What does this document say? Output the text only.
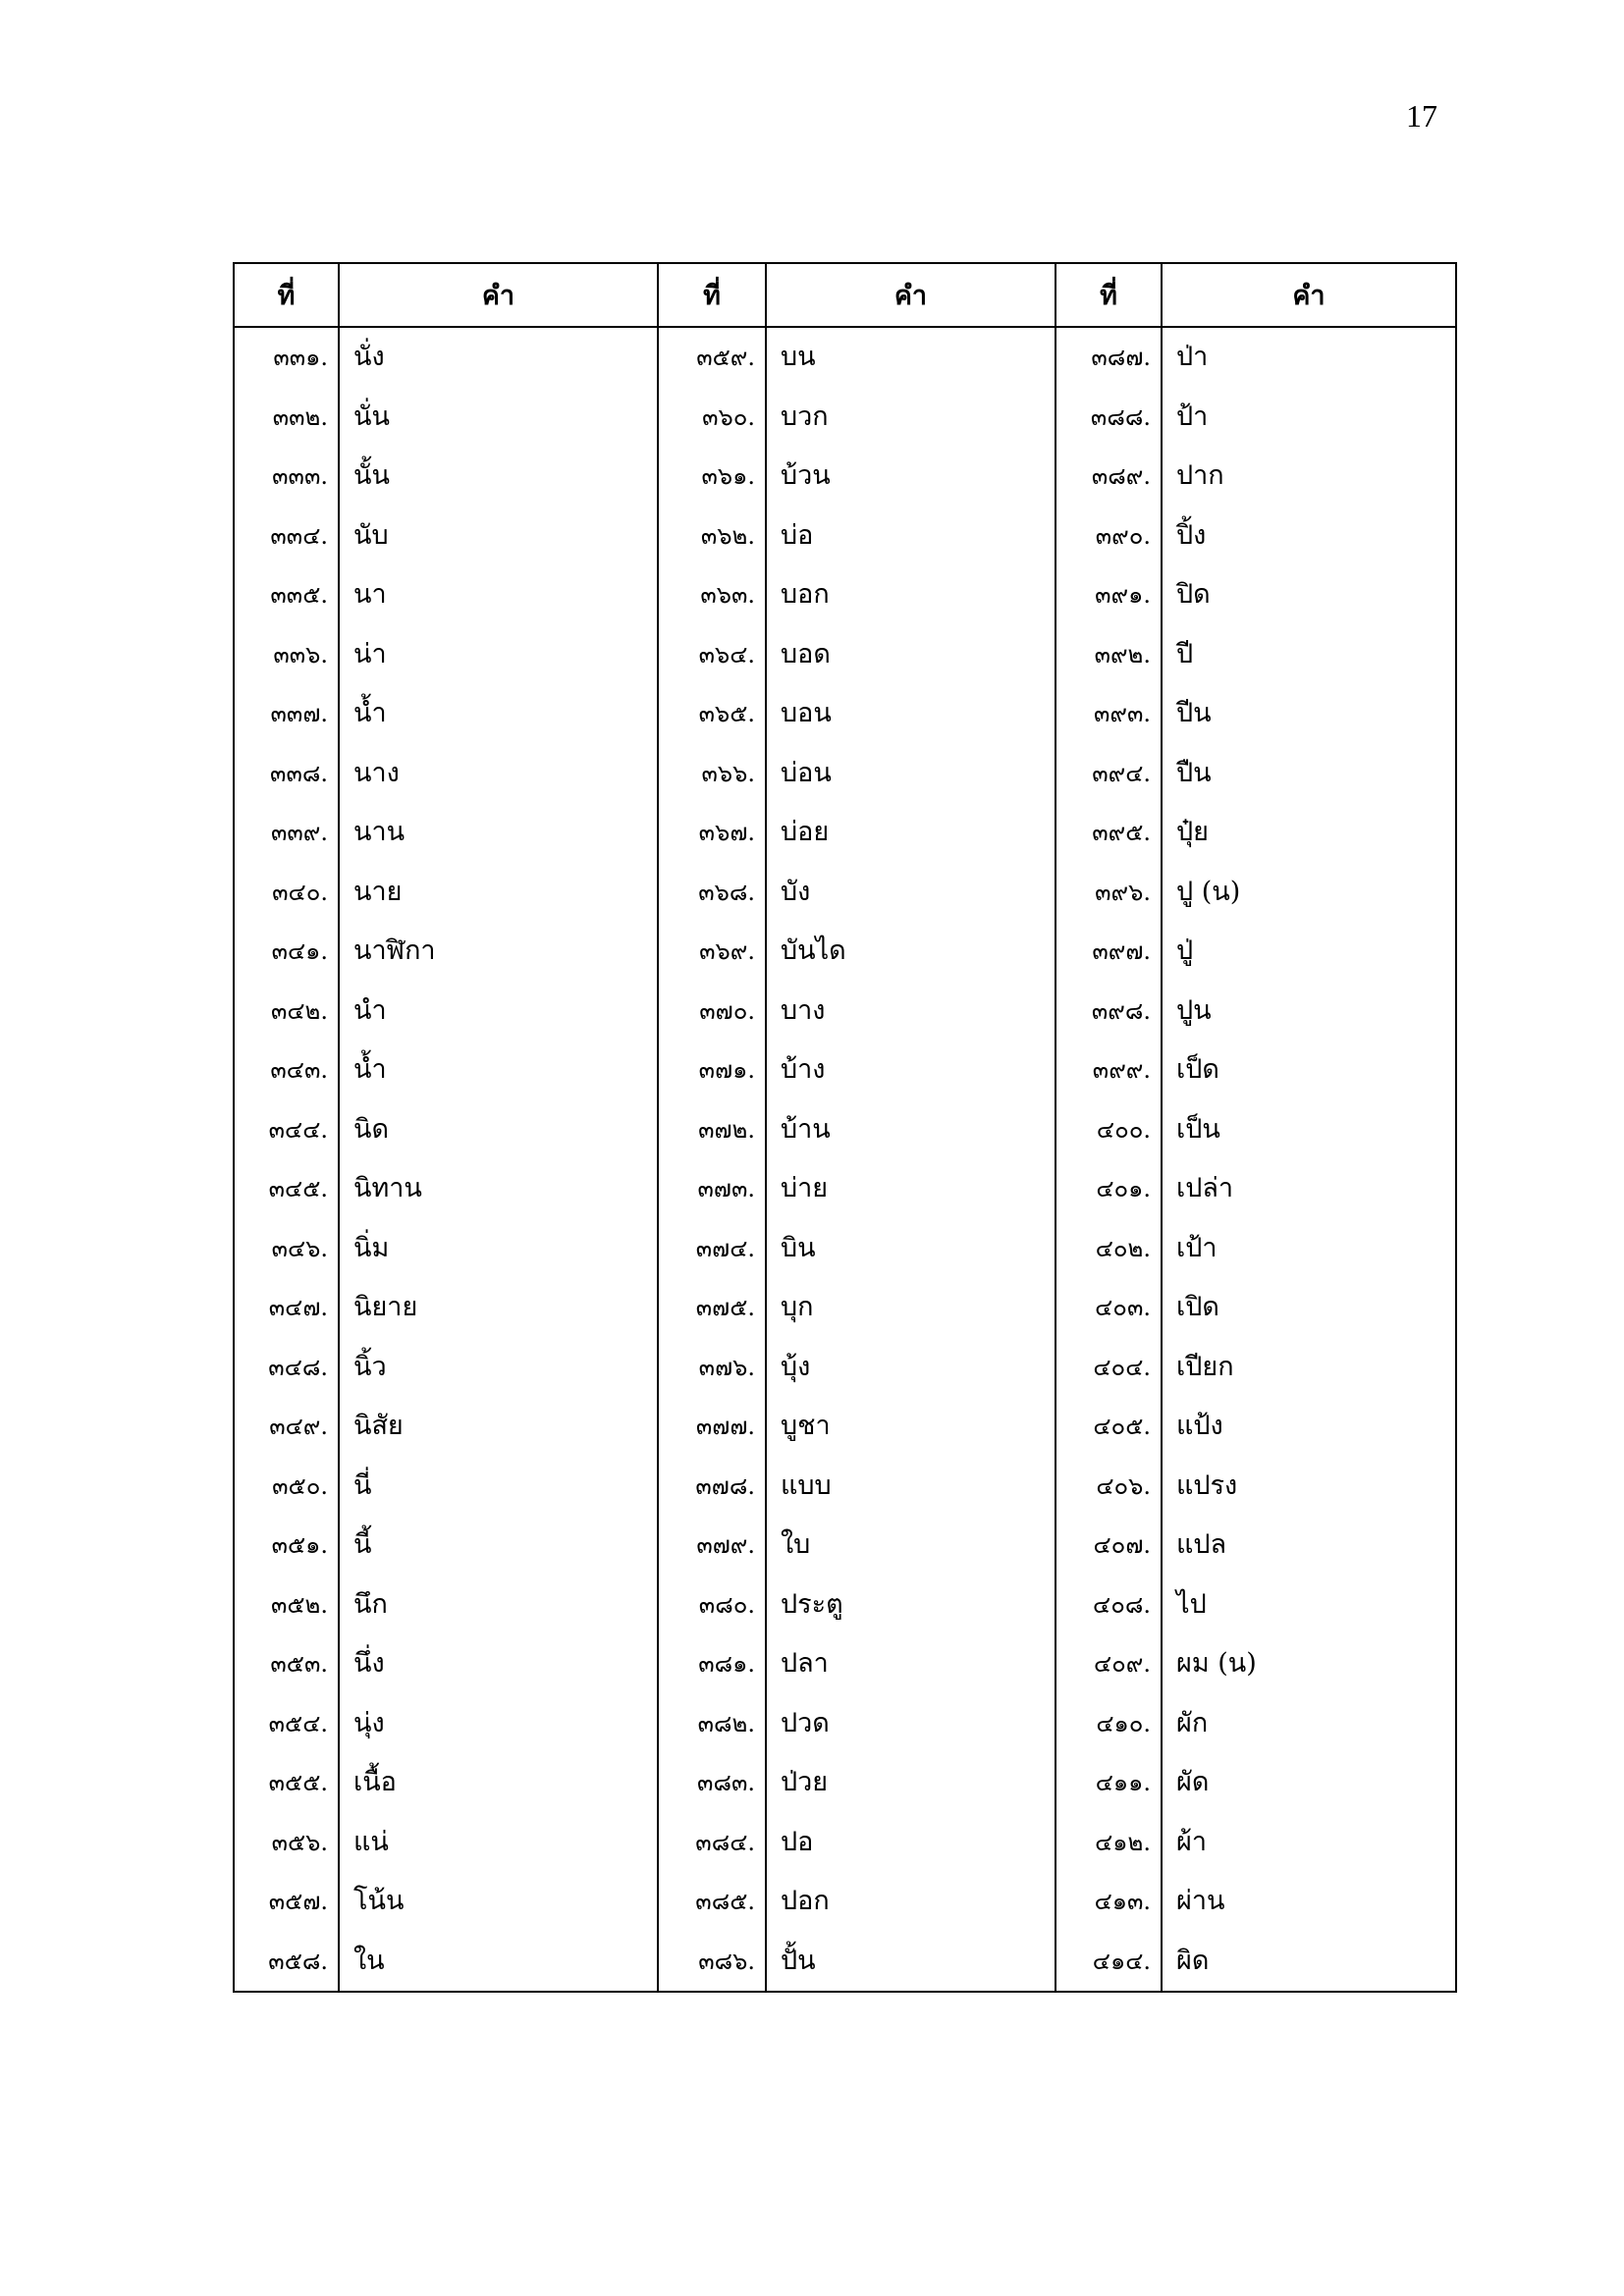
17
ที่	คำ	ที่	คำ	ที่	คำ
๓๓๑.	นั่ง	๓๕๙.	บน	๓๘๗.	ป่า
๓๓๒.	นั่น	๓๖๐.	บวก	๓๘๘.	ป้า
๓๓๓.	นั้น	๓๖๑.	บ้วน	๓๘๙.	ปาก
๓๓๔.	นับ	๓๖๒.	บ่อ	๓๙๐.	ปิ้ง
๓๓๕.	นา	๓๖๓.	บอก	๓๙๑.	ปิด
๓๓๖.	น่า	๓๖๔.	บอด	๓๙๒.	ปี
๓๓๗.	น้ำ	๓๖๕.	บอน	๓๙๓.	ปีน
๓๓๘.	นาง	๓๖๖.	บ่อน	๓๙๔.	ปืน
๓๓๙.	นาน	๓๖๗.	บ่อย	๓๙๕.	ปุ๋ย
๓๔๐.	นาย	๓๖๘.	บัง	๓๙๖.	ปู (น)
๓๔๑.	นาฬิกา	๓๖๙.	บันได	๓๙๗.	ปู่
๓๔๒.	นำ	๓๗๐.	บาง	๓๙๘.	ปูน
๓๔๓.	น้ำ	๓๗๑.	บ้าง	๓๙๙.	เป็ด
๓๔๔.	นิด	๓๗๒.	บ้าน	๔๐๐.	เป็น
๓๔๕.	นิทาน	๓๗๓.	บ่าย	๔๐๑.	เปล่า
๓๔๖.	นิ่ม	๓๗๔.	บิน	๔๐๒.	เป้า
๓๔๗.	นิยาย	๓๗๕.	บุก	๔๐๓.	เปิด
๓๔๘.	นิ้ว	๓๗๖.	บุ้ง	๔๐๔.	เปียก
๓๔๙.	นิสัย	๓๗๗.	บูชา	๔๐๕.	แป้ง
๓๕๐.	นี่	๓๗๘.	แบบ	๔๐๖.	แปรง
๓๕๑.	นี้	๓๗๙.	ใบ	๔๐๗.	แปล
๓๕๒.	นึก	๓๘๐.	ประตู	๔๐๘.	ไป
๓๕๓.	นึ่ง	๓๘๑.	ปลา	๔๐๙.	ผม (น)
๓๕๔.	นุ่ง	๓๘๒.	ปวด	๔๑๐.	ผัก
๓๕๕.	เนื้อ	๓๘๓.	ป่วย	๔๑๑.	ผัด
๓๕๖.	แน่	๓๘๔.	ปอ	๔๑๒.	ผ้า
๓๕๗.	โน้น	๓๘๕.	ปอก	๔๑๓.	ผ่าน
๓๕๘.	ใน	๓๘๖.	ปั้น	๔๑๔.	ผิด
